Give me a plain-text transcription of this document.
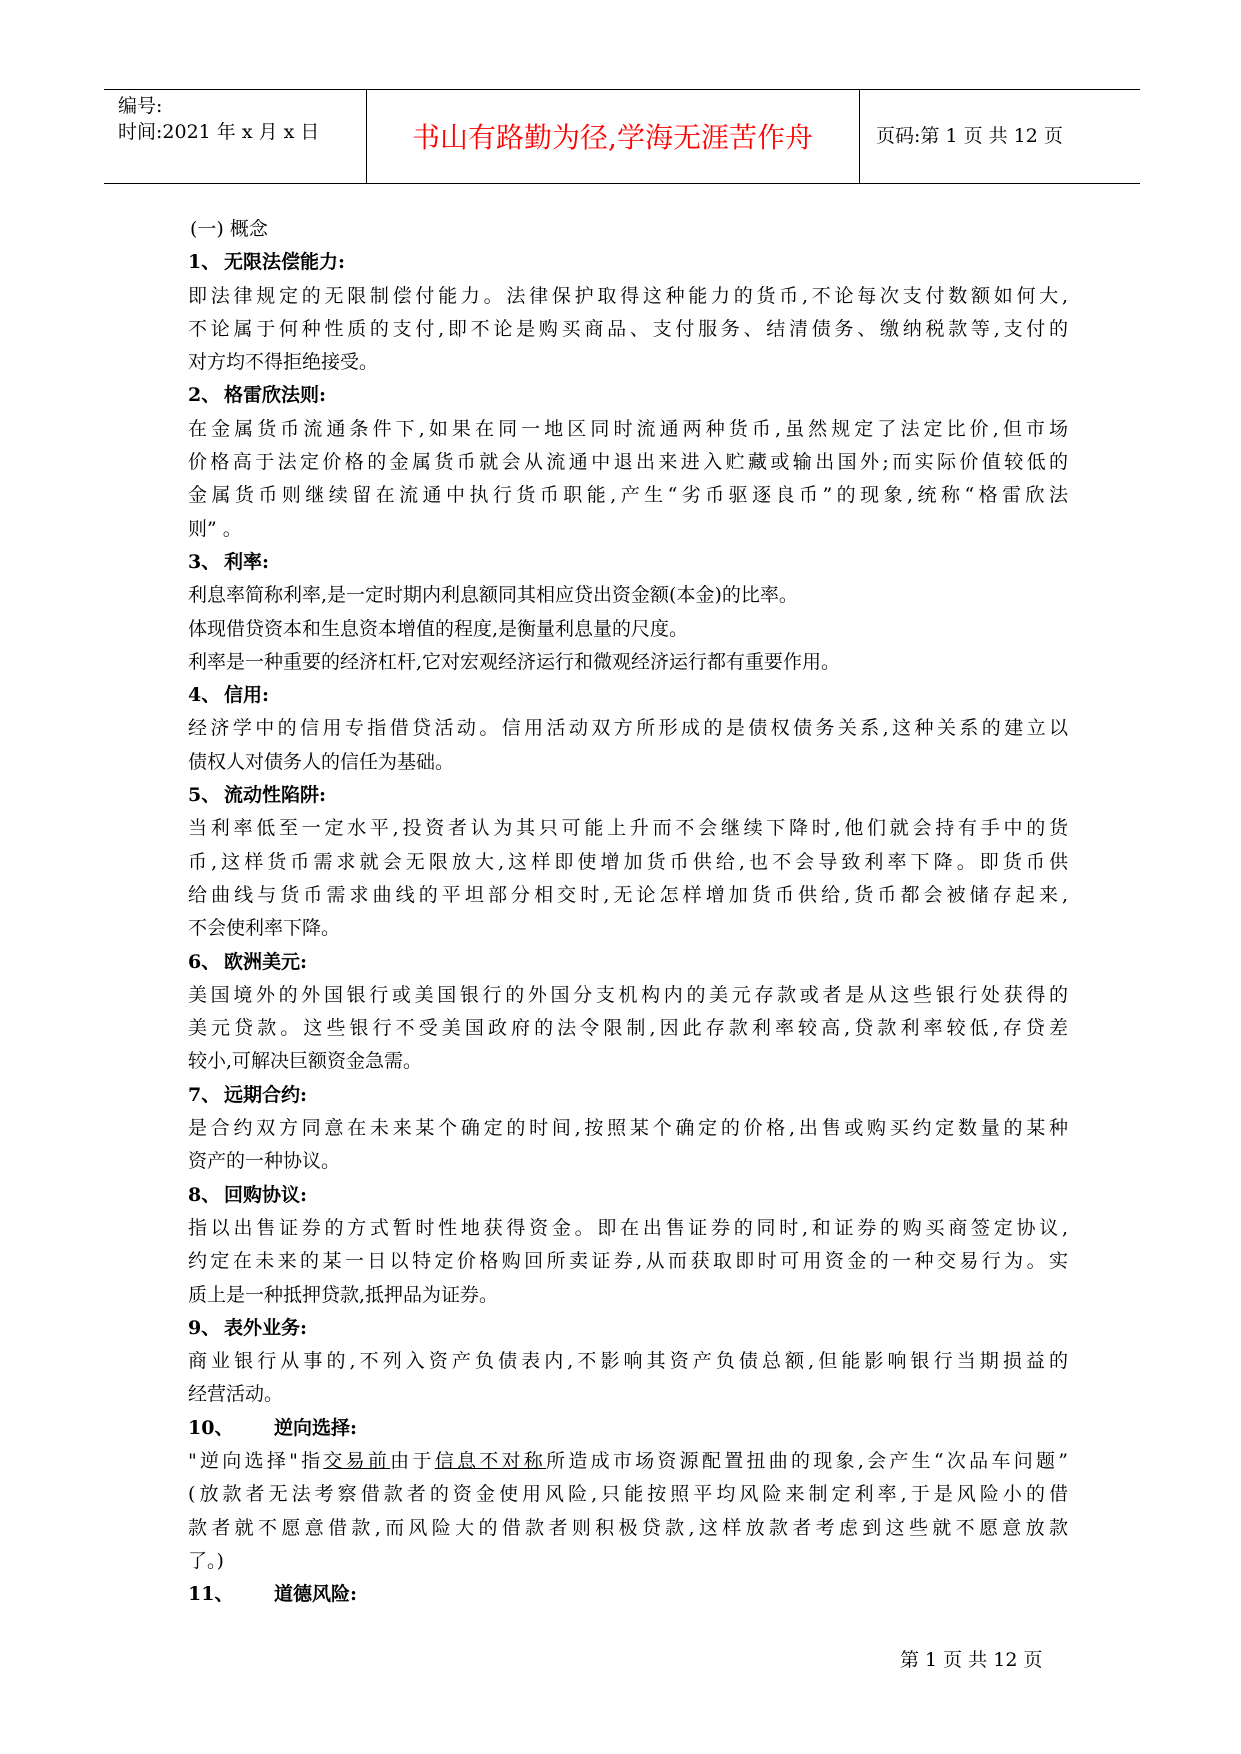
编号:
时间:2021 年 x 月 x 日	书山有路勤为径,学海无涯苦作舟	页码:第 1 页 共 12 页
(一) 概念
1、 无限法偿能力:
即法律规定的无限制偿付能力。法律保护取得这种能力的货币,不论每次支付数额如何大,
不论属于何种性质的支付,即不论是购买商品、支付服务、结清债务、缴纳税款等,支付的
对方均不得拒绝接受。
2、 格雷欣法则:
在金属货币流通条件下,如果在同一地区同时流通两种货币,虽然规定了法定比价,但市场
价格高于法定价格的金属货币就会从流通中退出来进入贮藏或输出国外;而实际价值较低的
金属货币则继续留在流通中执行货币职能,产生“劣币驱逐良币”的现象,统称“格雷欣法
则” 。
3、 利率:
利息率简称利率,是一定时期内利息额同其相应贷出资金额(本金)的比率。
体现借贷资本和生息资本增值的程度,是衡量利息量的尺度。
利率是一种重要的经济杠杆,它对宏观经济运行和微观经济运行都有重要作用。
4、 信用:
经济学中的信用专指借贷活动。信用活动双方所形成的是债权债务关系,这种关系的建立以
债权人对债务人的信任为基础。
5、 流动性陷阱:
当利率低至一定水平,投资者认为其只可能上升而不会继续下降时,他们就会持有手中的货
币,这样货币需求就会无限放大,这样即使增加货币供给,也不会导致利率下降。即货币供
给曲线与货币需求曲线的平坦部分相交时,无论怎样增加货币供给,货币都会被储存起来,
不会使利率下降。
6、 欧洲美元:
美国境外的外国银行或美国银行的外国分支机构内的美元存款或者是从这些银行处获得的
美元贷款。这些银行不受美国政府的法令限制,因此存款利率较高,贷款利率较低,存贷差
较小,可解决巨额资金急需。
7、 远期合约:
是合约双方同意在未来某个确定的时间,按照某个确定的价格,出售或购买约定数量的某种
资产的一种协议。
8、 回购协议:
指以出售证券的方式暂时性地获得资金。即在出售证券的同时,和证券的购买商签定协议,
约定在未来的某一日以特定价格购回所卖证券,从而获取即时可用资金的一种交易行为。实
质上是一种抵押贷款,抵押品为证券。
9、 表外业务:
商业银行从事的,不列入资产负债表内,不影响其资产负债总额,但能影响银行当期损益的
经营活动。
10、 逆向选择:
"逆向选择"指交易前由于信息不对称所造成市场资源配置扭曲的现象,会产生“次品车问题”
(放款者无法考察借款者的资金使用风险,只能按照平均风险来制定利率,于是风险小的借
款者就不愿意借款,而风险大的借款者则积极贷款,这样放款者考虑到这些就不愿意放款
了。)
11、 道德风险:
第 1 页 共 12 页
